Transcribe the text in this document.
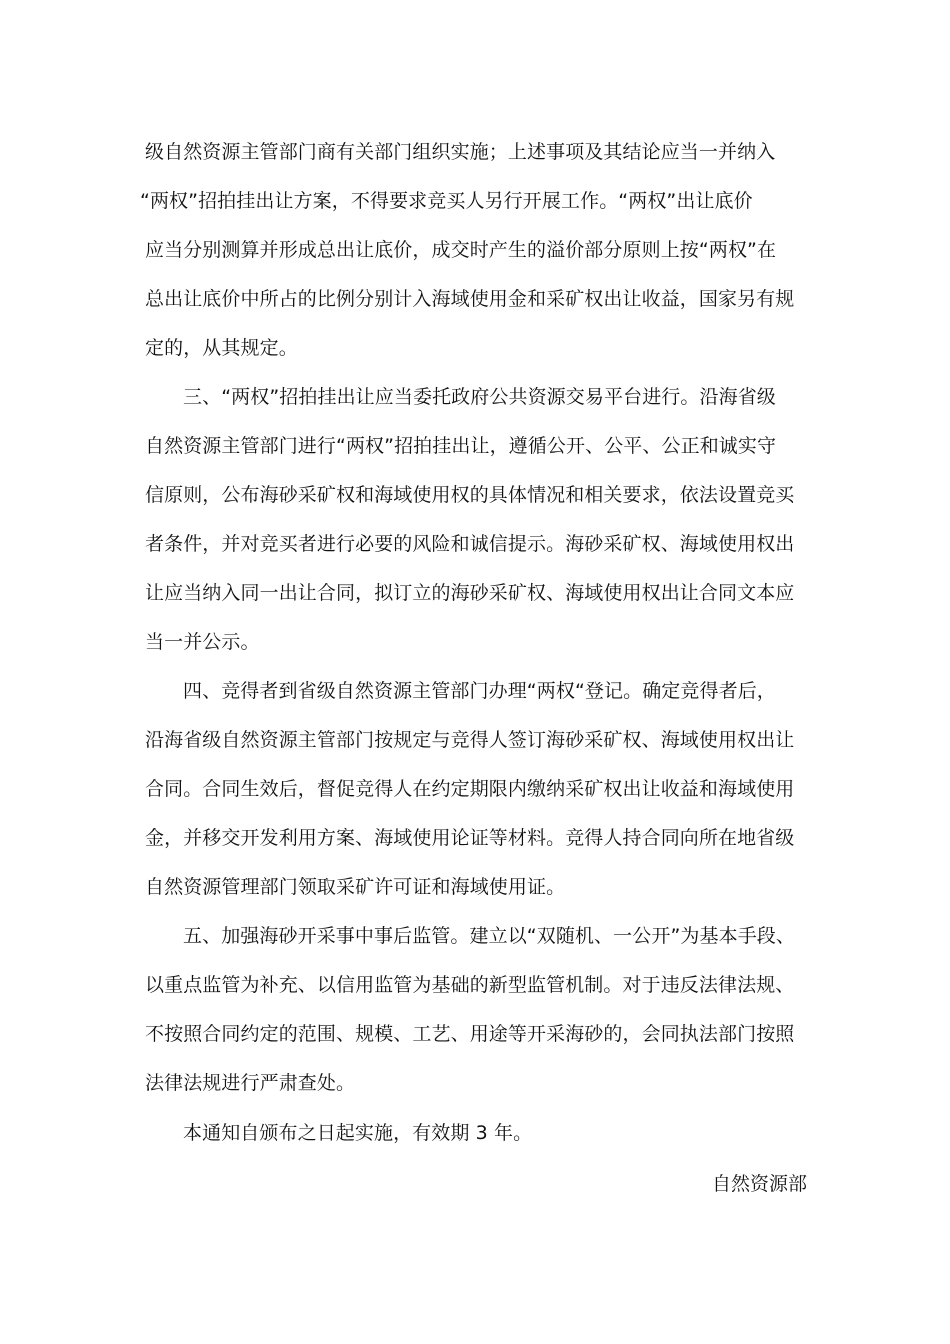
级自然资源主管部门商有关部门组织实施；上述事项及其结论应当一并纳入
“两权”招拍挂出让方案，不得要求竞买人另行开展工作。“两权”出让底价
应当分别测算并形成总出让底价，成交时产生的溢价部分原则上按“两权”在
总出让底价中所占的比例分别计入海域使用金和采矿权出让收益，国家另有规
定的，从其规定。
三、“两权”招拍挂出让应当委托政府公共资源交易平台进行。沿海省级
自然资源主管部门进行“两权”招拍挂出让，遵循公开、公平、公正和诚实守
信原则，公布海砂采矿权和海域使用权的具体情况和相关要求，依法设置竞买
者条件，并对竞买者进行必要的风险和诚信提示。海砂采矿权、海域使用权出
让应当纳入同一出让合同，拟订立的海砂采矿权、海域使用权出让合同文本应
当一并公示。
四、竞得者到省级自然资源主管部门办理“两权“登记。确定竞得者后，
沿海省级自然资源主管部门按规定与竞得人签订海砂采矿权、海域使用权出让
合同。合同生效后，督促竞得人在约定期限内缴纳采矿权出让收益和海域使用
金，并移交开发利用方案、海域使用论证等材料。竞得人持合同向所在地省级
自然资源管理部门领取采矿许可证和海域使用证。
五、加强海砂开采事中事后监管。建立以“双随机、一公开”为基本手段、
以重点监管为补充、以信用监管为基础的新型监管机制。对于违反法律法规、
不按照合同约定的范围、规模、工艺、用途等开采海砂的，会同执法部门按照
法律法规进行严肃查处。
本通知自颁布之日起实施，有效期 3 年。
自然资源部
